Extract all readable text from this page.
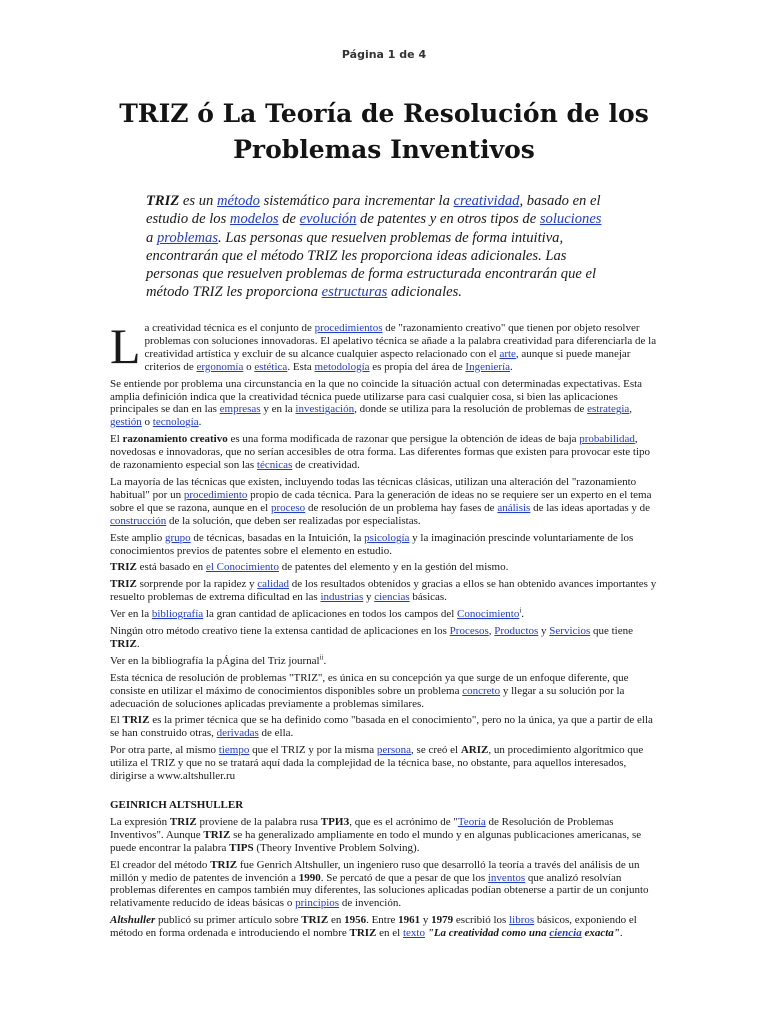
Página 1 de 4
TRIZ ó La Teoría de Resolución de los Problemas Inventivos

TRIZ es un método sistemático para incrementar la creatividad, basado en el estudio de los modelos de evolución de patentes y en otros tipos de soluciones a problemas. Las personas que resuelven problemas de forma intuitiva, encontrarán que el método TRIZ les proporciona ideas adicionales. Las personas que resuelven problemas de forma estructurada encontrarán que el método TRIZ les proporciona estructuras adicionales.

La creatividad técnica es el conjunto de procedimientos de "razonamiento creativo" que tienen por objeto resolver problemas con soluciones innovadoras. El apelativo técnica se añade a la palabra creatividad para diferenciarla de la creatividad artística y excluir de su alcance cualquier aspecto relacionado con el arte, aunque si puede manejar criterios de ergonomía o estética. Esta metodología es propia del área de Ingeniería.

Se entiende por problema una circunstancia en la que no coincide la situación actual con determinadas expectativas. Esta amplia definición indica que la creatividad técnica puede utilizarse para casi cualquier cosa, si bien las aplicaciones principales se dan en las empresas y en la investigación, donde se utiliza para la resolución de problemas de estrategia, gestión o tecnología.

El razonamiento creativo es una forma modificada de razonar que persigue la obtención de ideas de baja probabilidad, novedosas e innovadoras, que no serían accesibles de otra forma. Las diferentes formas que existen para provocar este tipo de razonamiento especial son las técnicas de creatividad.

La mayoría de las técnicas que existen, incluyendo todas las técnicas clásicas, utilizan una alteración del "razonamiento habitual" por un procedimiento propio de cada técnica. Para la generación de ideas no se requiere ser un experto en el tema sobre el que se razona, aunque en el proceso de resolución de un problema hay fases de análisis de las ideas aportadas y de construcción de la solución, que deben ser realizadas por especialistas.

Este amplio grupo de técnicas, basadas en la Intuición, la psicología y la imaginación prescinde voluntariamente de los conocimientos previos de patentes sobre el elemento en estudio.

TRIZ está basado en el Conocimiento de patentes del elemento y en la gestión del mismo.

TRIZ sorprende por la rapidez y calidad de los resultados obtenidos y gracias a ellos se han obtenido avances importantes y resuelto problemas de extrema dificultad en las industrias y ciencias básicas.

Ver en la bibliografía la gran cantidad de aplicaciones en todos los campos del Conocimiento$^i$.

Ningún otro método creativo tiene la extensa cantidad de aplicaciones en los Procesos, Productos y Servicios que tiene TRIZ.

Ver en la bibliografía la pÁgina del Triz journal$^{ii}$.

Esta técnica de resolución de problemas "TRIZ", es única en su concepción ya que surge de un enfoque diferente, que consiste en utilizar el máximo de conocimientos disponibles sobre un problema concreto y llegar a su solución por la adecuación de soluciones aplicadas previamente a problemas similares.

El TRIZ es la primer técnica que se ha definido como "basada en el conocimiento", pero no la única, ya que a partir de ella se han construido otras, derivadas de ella.

Por otra parte, al mismo tiempo que el TRIZ y por la misma persona, se creó el ARIZ, un procedimiento algorítmico que utiliza el TRIZ y que no se tratará aquí dada la complejidad de la técnica base, no obstante, para aquellos interesados, dirigirse a www.altshuller.ru

GEINRICH ALTSHULLER

La expresión TRIZ proviene de la palabra rusa ТРИЗ, que es el acrónimo de "Teoría de Resolución de Problemas Inventivos". Aunque TRIZ se ha generalizado ampliamente en todo el mundo y en algunas publicaciones americanas, se puede encontrar la palabra TIPS (Theory Inventive Problem Solving).

El creador del método TRIZ fue Genrich Altshuller, un ingeniero ruso que desarrolló la teoría a través del análisis de un millón y medio de patentes de invención a 1990. Se percató de que a pesar de que los inventos que analizó resolvían problemas diferentes en campos también muy diferentes, las soluciones aplicadas podían obtenerse a partir de un conjunto relativamente reducido de ideas básicas o principios de invención.

Altshuller publicó su primer artículo sobre TRIZ en 1956. Entre 1961 y 1979 escribió los libros básicos, exponiendo el método en forma ordenada e introduciendo el nombre TRIZ en el texto "La creatividad como una ciencia exacta".
